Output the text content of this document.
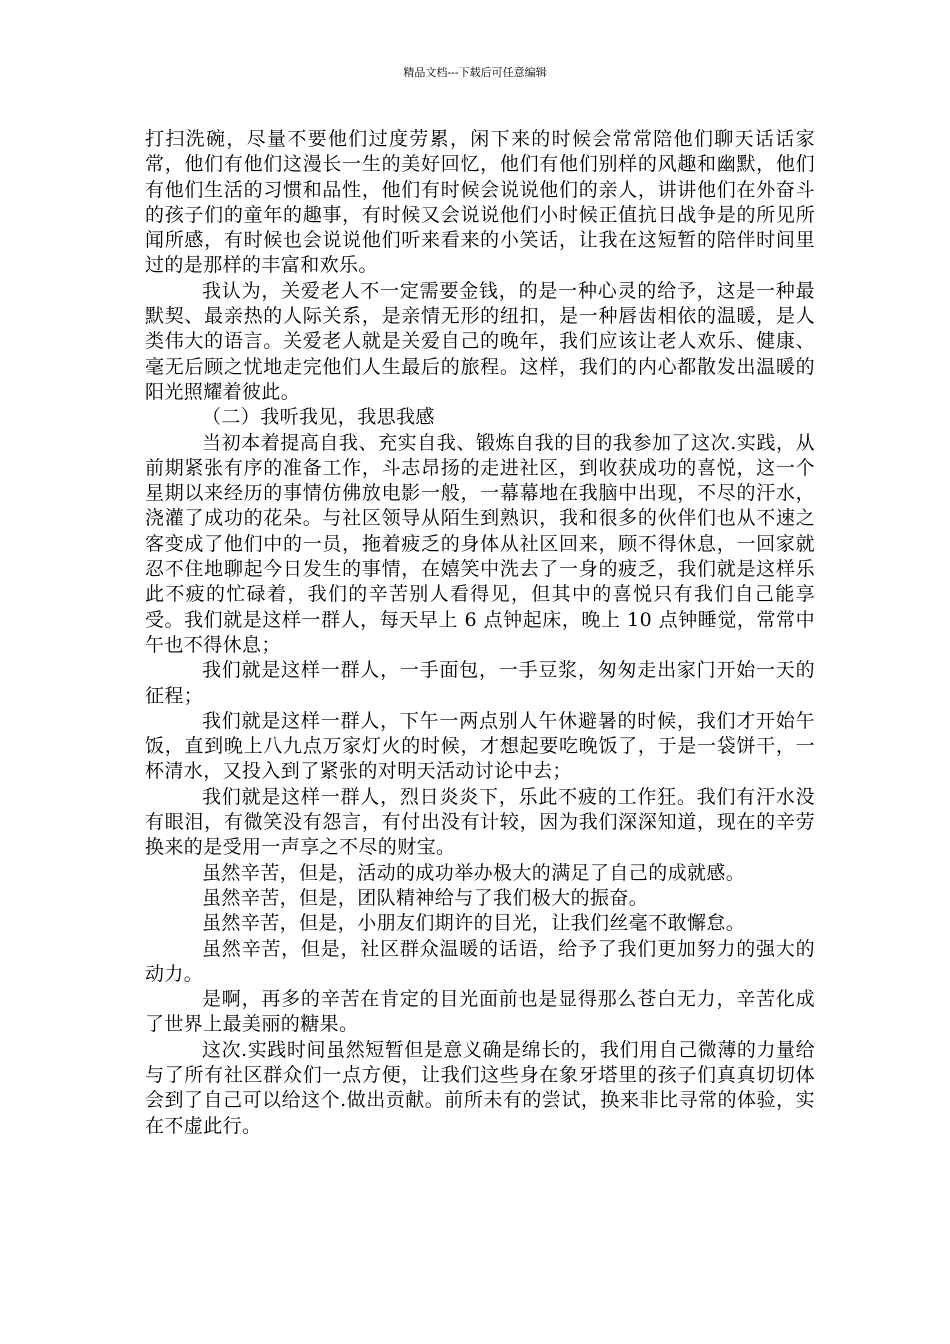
精品文档---下载后可任意编辑

打扫洗碗，尽量不要他们过度劳累，闲下来的时候会常常陪他们聊天话话家常，他们有他们这漫长一生的美好回忆，他们有他们别样的风趣和幽默，他们有他们生活的习惯和品性，他们有时候会说说他们的亲人，讲讲他们在外奋斗的孩子们的童年的趣事，有时候又会说说他们小时候正值抗日战争是的所见所闻所感，有时候也会说说他们听来看来的小笑话，让我在这短暂的陪伴时间里过的是那样的丰富和欢乐。

我认为，关爱老人不一定需要金钱，的是一种心灵的给予，这是一种最默契、最亲热的人际关系，是亲情无形的纽扣，是一种唇齿相依的温暖，是人类伟大的语言。关爱老人就是关爱自己的晚年，我们应该让老人欢乐、健康、毫无后顾之忧地走完他们人生最后的旅程。这样，我们的内心都散发出温暖的阳光照耀着彼此。

（二）我听我见，我思我感

当初本着提高自我、充实自我、锻炼自我的目的我参加了这次.实践，从前期紧张有序的准备工作，斗志昂扬的走进社区，到收获成功的喜悦，这一个星期以来经历的事情仿佛放电影一般，一幕幕地在我脑中出现，不尽的汗水，浇灌了成功的花朵。与社区领导从陌生到熟识，我和很多的伙伴们也从不速之客变成了他们中的一员，拖着疲乏的身体从社区回来，顾不得休息，一回家就忍不住地聊起今日发生的事情，在嬉笑中洗去了一身的疲乏，我们就是这样乐此不疲的忙碌着，我们的辛苦别人看得见，但其中的喜悦只有我们自己能享受。我们就是这样一群人，每天早上 6 点钟起床，晚上 10 点钟睡觉，常常中午也不得休息；

我们就是这样一群人，一手面包，一手豆浆，匆匆走出家门开始一天的征程；

我们就是这样一群人，下午一两点别人午休避暑的时候，我们才开始午饭，直到晚上八九点万家灯火的时候，才想起要吃晚饭了，于是一袋饼干，一杯清水，又投入到了紧张的对明天活动讨论中去；

我们就是这样一群人，烈日炎炎下，乐此不疲的工作狂。我们有汗水没有眼泪，有微笑没有怨言，有付出没有计较，因为我们深深知道，现在的辛劳换来的是受用一声享之不尽的财宝。

虽然辛苦，但是，活动的成功举办极大的满足了自己的成就感。

虽然辛苦，但是，团队精神给与了我们极大的振奋。

虽然辛苦，但是，小朋友们期许的目光，让我们丝毫不敢懈怠。

虽然辛苦，但是，社区群众温暖的话语，给予了我们更加努力的强大的动力。

是啊，再多的辛苦在肯定的目光面前也是显得那么苍白无力，辛苦化成了世界上最美丽的糖果。

这次.实践时间虽然短暂但是意义确是绵长的，我们用自己微薄的力量给与了所有社区群众们一点方便，让我们这些身在象牙塔里的孩子们真真切切体会到了自己可以给这个.做出贡献。前所未有的尝试，换来非比寻常的体验，实在不虚此行。
